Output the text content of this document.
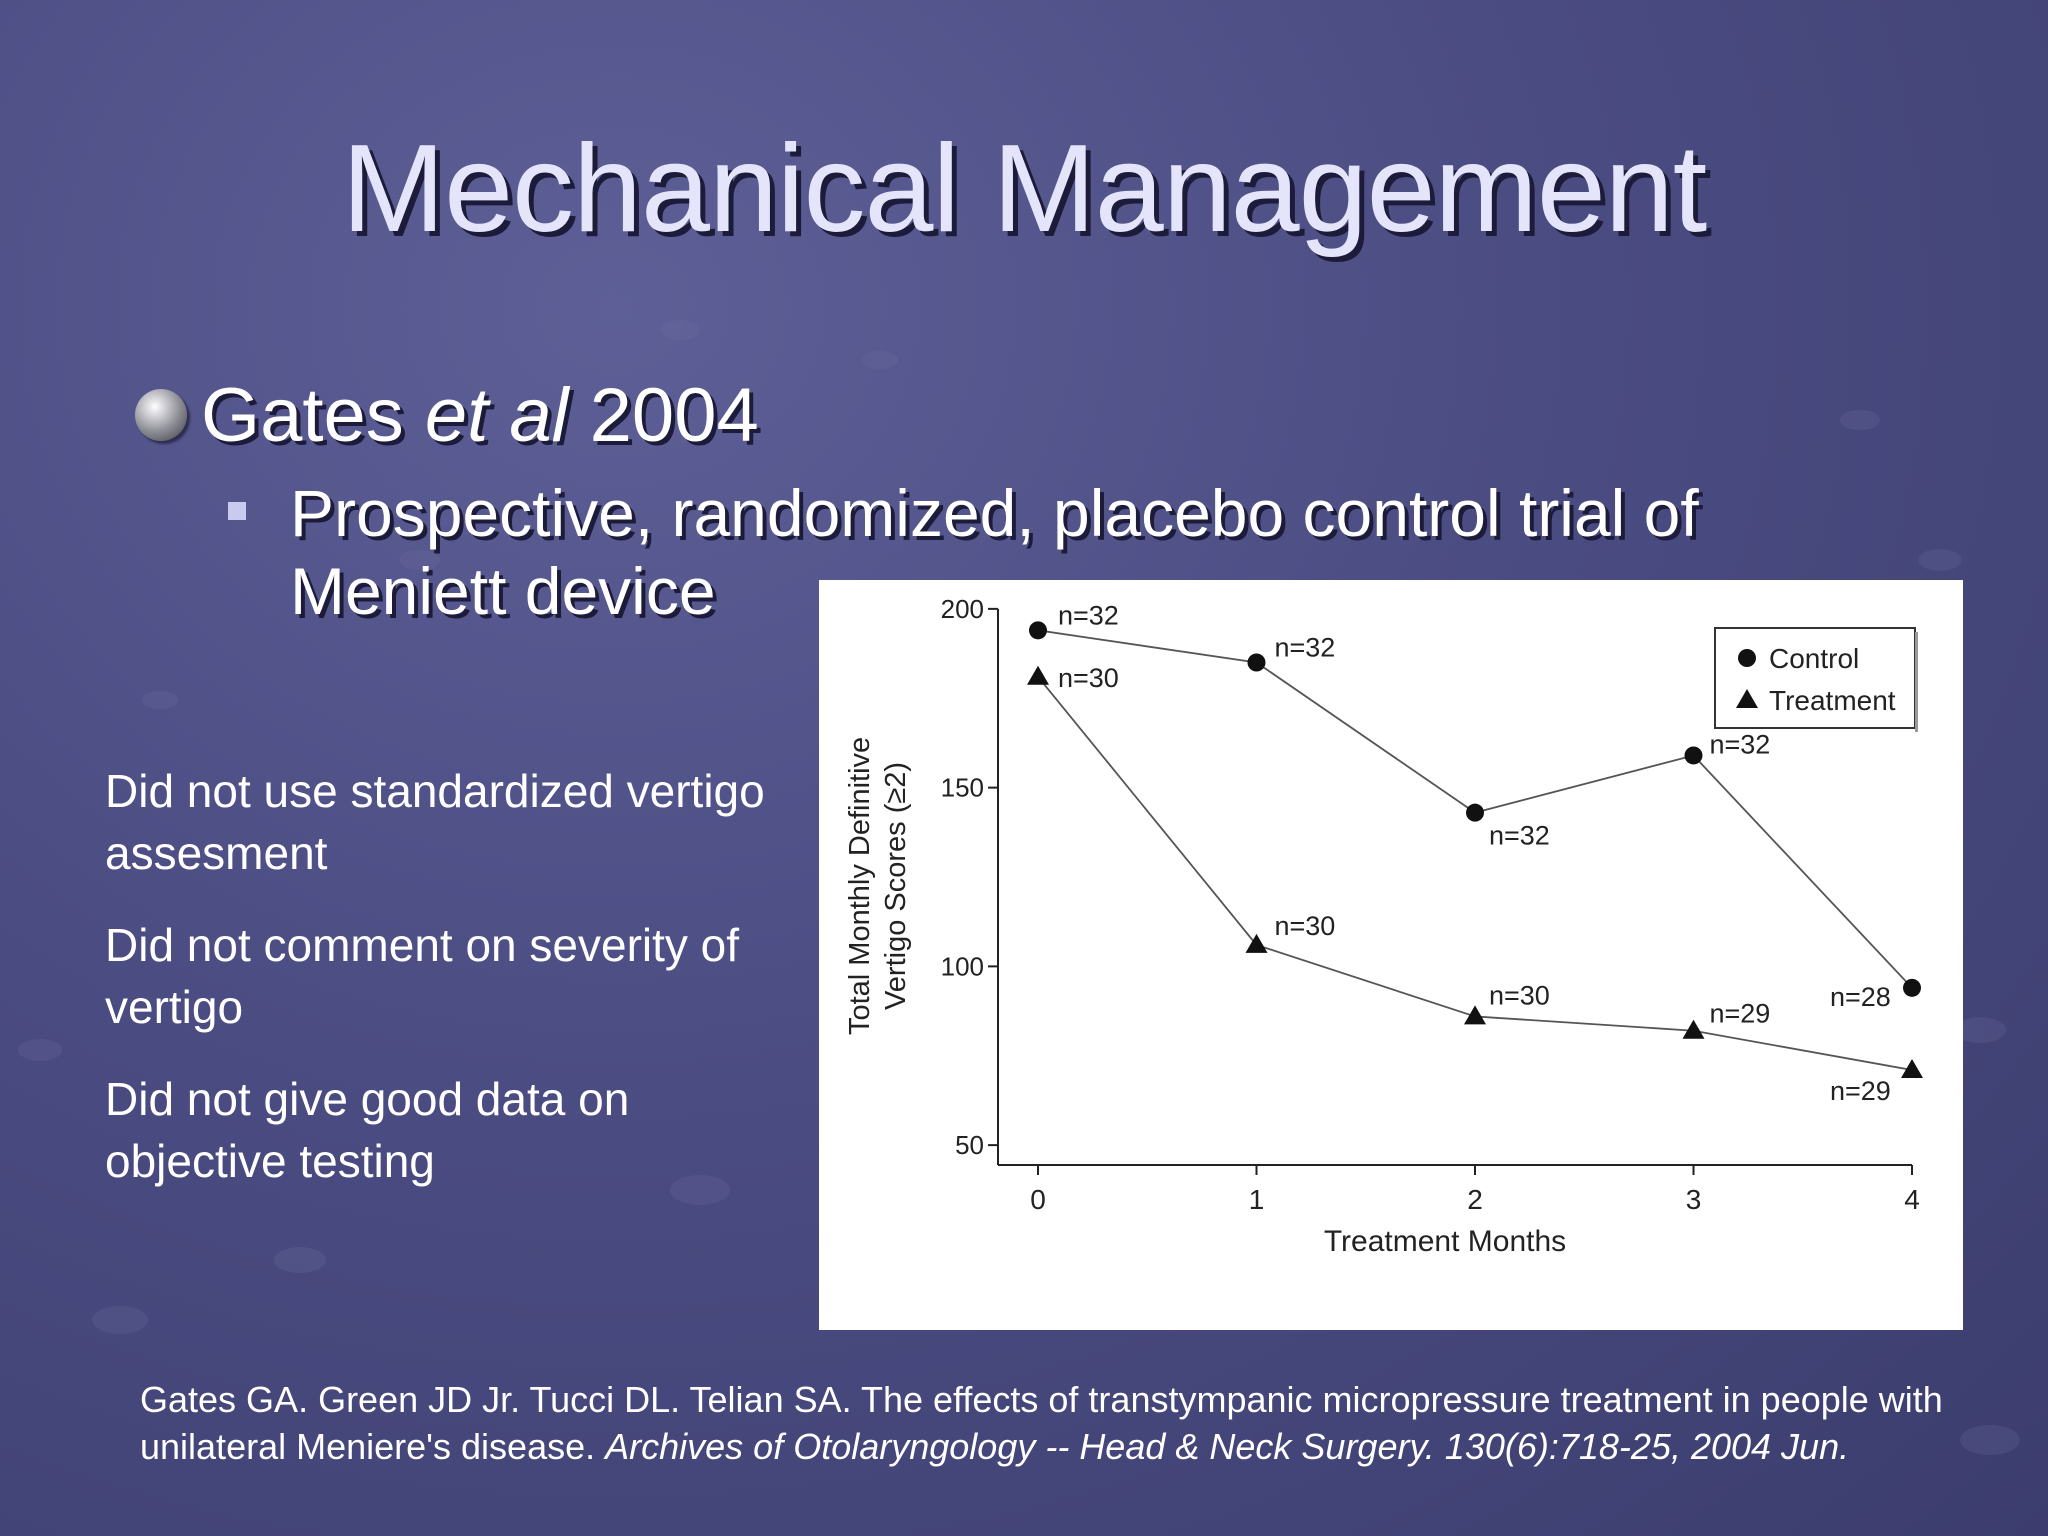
Mechanical Management
Gates et al 2004
Prospective, randomized, placebo control trial of Meniett device
Did not use standardized vertigo assesment
Did not comment on severity of vertigo
Did not give good data on objective testing	50
100
150
200
0	1	2	3	4
Treatment Months
Total Monthly Definitive Vertigo Scores (≥2)
n=32
n=32
n=32
n=32
n=28
n=30
n=30
n=30
n=29
n=29
Control
Treatment
Gates GA. Green JD Jr. Tucci DL. Telian SA. The effects of transtympanic micropressure treatment in people with unilateral Meniere's disease. Archives of Otolaryngology -- Head & Neck Surgery. 130(6):718-25, 2004 Jun.
